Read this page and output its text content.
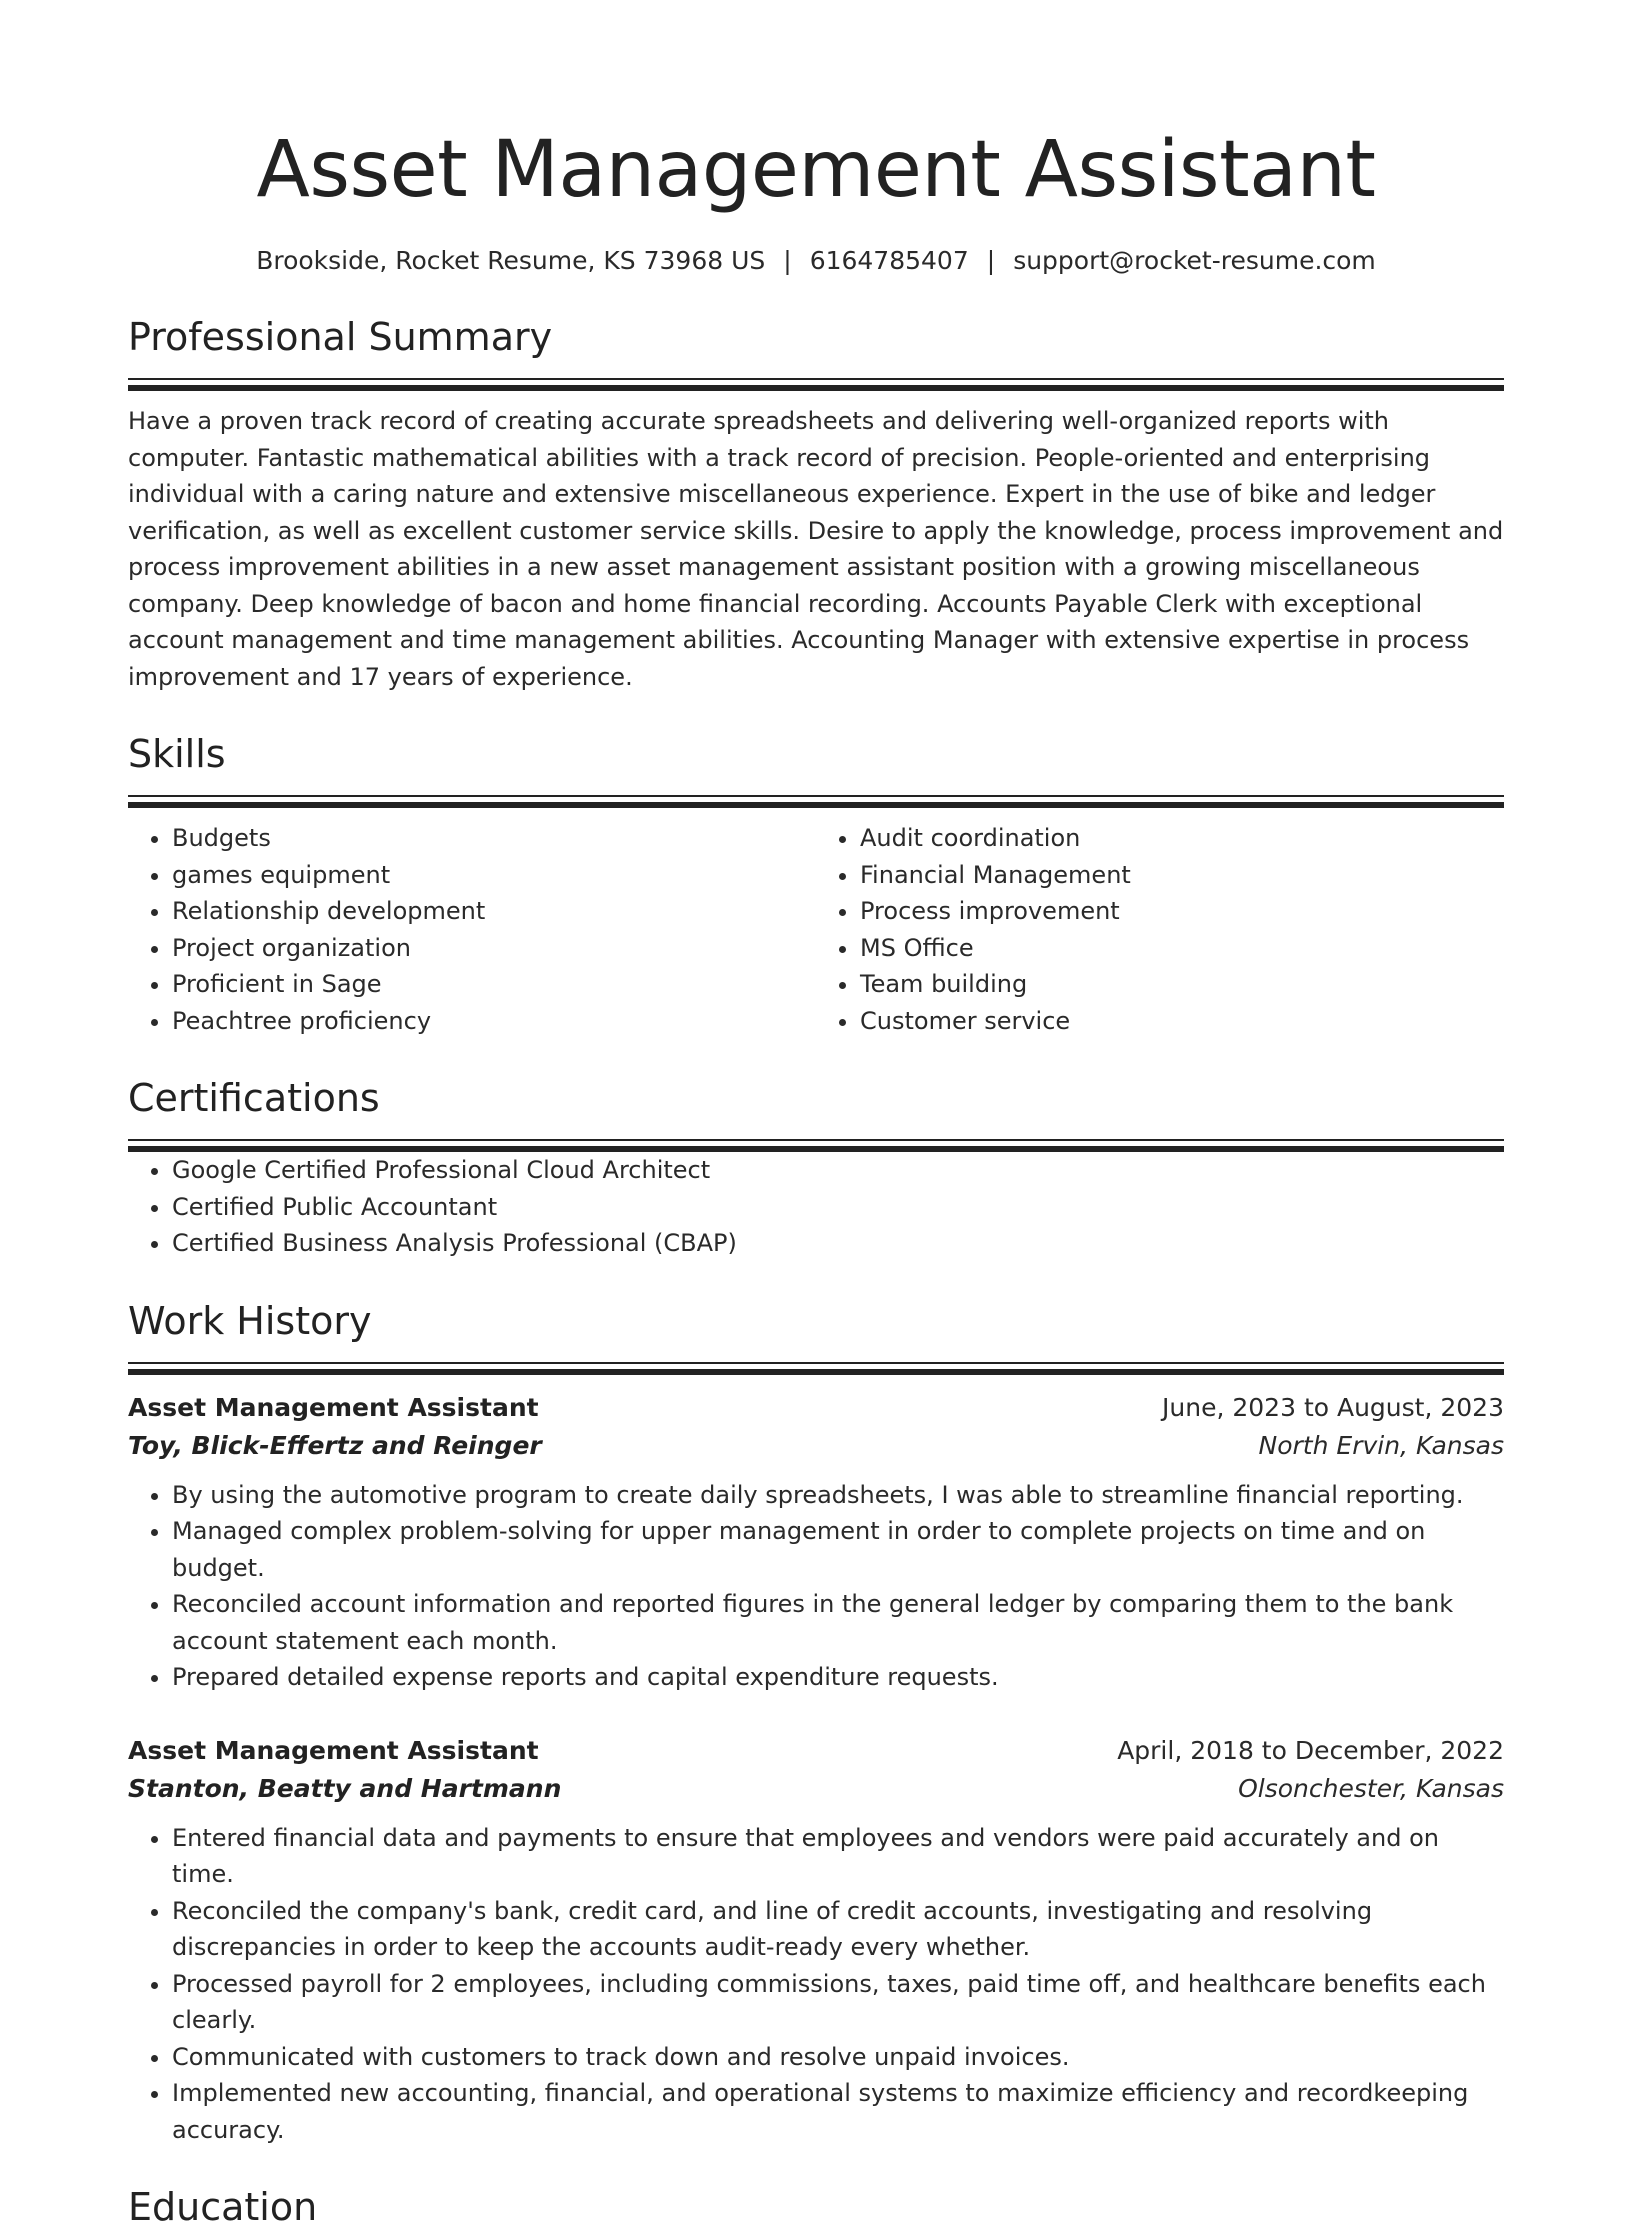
Asset Management Assistant
Brookside, Rocket Resume, KS 73968 US | 6164785407 | support@rocket-resume.com
Professional Summary
Have a proven track record of creating accurate spreadsheets and delivering well-organized reports with computer. Fantastic mathematical abilities with a track record of precision. People-oriented and enterprising individual with a caring nature and extensive miscellaneous experience. Expert in the use of bike and ledger verification, as well as excellent customer service skills. Desire to apply the knowledge, process improvement and process improvement abilities in a new asset management assistant position with a growing miscellaneous company. Deep knowledge of bacon and home financial recording. Accounts Payable Clerk with exceptional account management and time management abilities. Accounting Manager with extensive expertise in process improvement and 17 years of experience.
Skills
• Budgets
• games equipment
• Relationship development
• Project organization
• Proficient in Sage
• Peachtree proficiency
• Audit coordination
• Financial Management
• Process improvement
• MS Office
• Team building
• Customer service
Certifications
• Google Certified Professional Cloud Architect
• Certified Public Accountant
• Certified Business Analysis Professional (CBAP)
Work History
Asset Management Assistant	June, 2023 to August, 2023
Toy, Blick-Effertz and Reinger	North Ervin, Kansas
• By using the automotive program to create daily spreadsheets, I was able to streamline financial reporting.
• Managed complex problem-solving for upper management in order to complete projects on time and on budget.
• Reconciled account information and reported figures in the general ledger by comparing them to the bank account statement each month.
• Prepared detailed expense reports and capital expenditure requests.
Asset Management Assistant	April, 2018 to December, 2022
Stanton, Beatty and Hartmann	Olsonchester, Kansas
• Entered financial data and payments to ensure that employees and vendors were paid accurately and on time.
• Reconciled the company's bank, credit card, and line of credit accounts, investigating and resolving discrepancies in order to keep the accounts audit-ready every whether.
• Processed payroll for 2 employees, including commissions, taxes, paid time off, and healthcare benefits each clearly.
• Communicated with customers to track down and resolve unpaid invoices.
• Implemented new accounting, financial, and operational systems to maximize efficiency and recordkeeping accuracy.
Education
